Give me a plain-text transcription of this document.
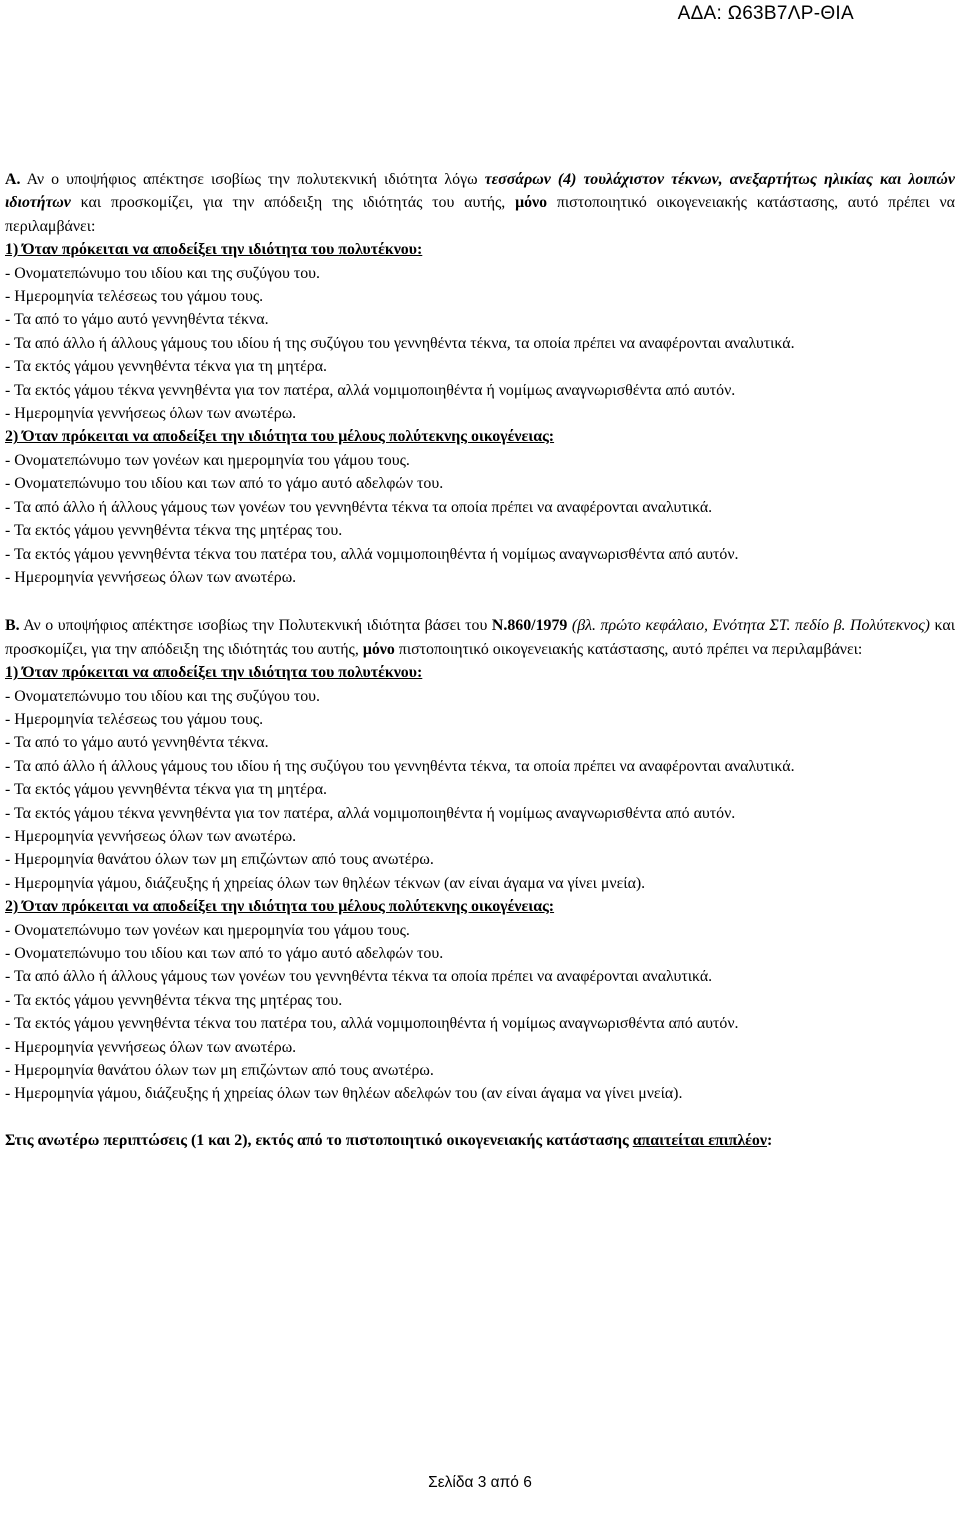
ΑΔΑ: Ω63Β7ΛΡ-ΘΙΑ

Α. Αν ο υποψήφιος απέκτησε ισοβίως την πολυτεκνική ιδιότητα λόγω τεσσάρων (4) τουλάχιστον τέκνων, ανεξαρτήτως ηλικίας και λοιπών ιδιοτήτων και προσκομίζει, για την απόδειξη της ιδιότητάς του αυτής, μόνο πιστοποιητικό οικογενειακής κατάστασης, αυτό πρέπει να περιλαμβάνει:

1) Όταν πρόκειται να αποδείξει την ιδιότητα του πολυτέκνου:

- Ονοματεπώνυμο του ιδίου και της συζύγου του.

- Ημερομηνία τελέσεως του γάμου τους.

- Τα από το γάμο αυτό γεννηθέντα τέκνα.

- Τα από άλλο ή άλλους γάμους του ιδίου ή της συζύγου του γεννηθέντα τέκνα, τα οποία πρέπει να αναφέρονται αναλυτικά.

- Τα εκτός γάμου γεννηθέντα τέκνα για τη μητέρα.

- Τα εκτός γάμου τέκνα γεννηθέντα για τον πατέρα, αλλά νομιμοποιηθέντα ή νομίμως αναγνωρισθέντα από αυτόν.

- Ημερομηνία γεννήσεως όλων των ανωτέρω.

2) Όταν πρόκειται να αποδείξει την ιδιότητα του μέλους πολύτεκνης οικογένειας:

- Ονοματεπώνυμο των γονέων και ημερομηνία του γάμου τους.

- Ονοματεπώνυμο του ιδίου και των από το γάμο αυτό αδελφών του.

- Τα από άλλο ή άλλους γάμους των γονέων του γεννηθέντα τέκνα τα οποία πρέπει να αναφέρονται αναλυτικά.

- Τα εκτός γάμου γεννηθέντα τέκνα της μητέρας του.

- Τα εκτός γάμου γεννηθέντα τέκνα του πατέρα του, αλλά νομιμοποιηθέντα ή νομίμως αναγνωρισθέντα από αυτόν.

- Ημερομηνία γεννήσεως όλων των ανωτέρω.

Β. Αν ο υποψήφιος απέκτησε ισοβίως την Πολυτεκνική ιδιότητα βάσει του Ν.860/1979 (βλ. πρώτο κεφάλαιο, Ενότητα ΣΤ. πεδίο β. Πολύτεκνος) και προσκομίζει, για την απόδειξη της ιδιότητάς του αυτής, μόνο πιστοποιητικό οικογενειακής κατάστασης, αυτό πρέπει να περιλαμβάνει:

1) Όταν πρόκειται να αποδείξει την ιδιότητα του πολυτέκνου:

- Ονοματεπώνυμο του ιδίου και της συζύγου του.

- Ημερομηνία τελέσεως του γάμου τους.

- Τα από το γάμο αυτό γεννηθέντα τέκνα.

- Τα από άλλο ή άλλους γάμους του ιδίου ή της συζύγου του γεννηθέντα τέκνα, τα οποία πρέπει να αναφέρονται αναλυτικά.

- Τα εκτός γάμου γεννηθέντα τέκνα για τη μητέρα.

- Τα εκτός γάμου τέκνα γεννηθέντα για τον πατέρα, αλλά νομιμοποιηθέντα ή νομίμως αναγνωρισθέντα από αυτόν.

- Ημερομηνία γεννήσεως όλων των ανωτέρω.

- Ημερομηνία θανάτου όλων των μη επιζώντων από τους ανωτέρω.

- Ημερομηνία γάμου, διάζευξης ή χηρείας όλων των θηλέων τέκνων (αν είναι άγαμα να γίνει μνεία).

2) Όταν πρόκειται να αποδείξει την ιδιότητα του μέλους πολύτεκνης οικογένειας:

- Ονοματεπώνυμο των γονέων και ημερομηνία του γάμου τους.

- Ονοματεπώνυμο του ιδίου και των από το γάμο αυτό αδελφών του.

- Τα από άλλο ή άλλους γάμους των γονέων του γεννηθέντα τέκνα τα οποία πρέπει να αναφέρονται αναλυτικά.

- Τα εκτός γάμου γεννηθέντα τέκνα της μητέρας του.

- Τα εκτός γάμου γεννηθέντα τέκνα του πατέρα του, αλλά νομιμοποιηθέντα ή νομίμως αναγνωρισθέντα από αυτόν.

- Ημερομηνία γεννήσεως όλων των ανωτέρω.

- Ημερομηνία θανάτου όλων των μη επιζώντων από τους ανωτέρω.

- Ημερομηνία γάμου, διάζευξης ή χηρείας όλων των θηλέων αδελφών του (αν είναι άγαμα να γίνει μνεία).

Στις ανωτέρω περιπτώσεις (1 και 2), εκτός από το πιστοποιητικό οικογενειακής κατάστασης απαιτείται επιπλέον:

Σελίδα 3 από 6
